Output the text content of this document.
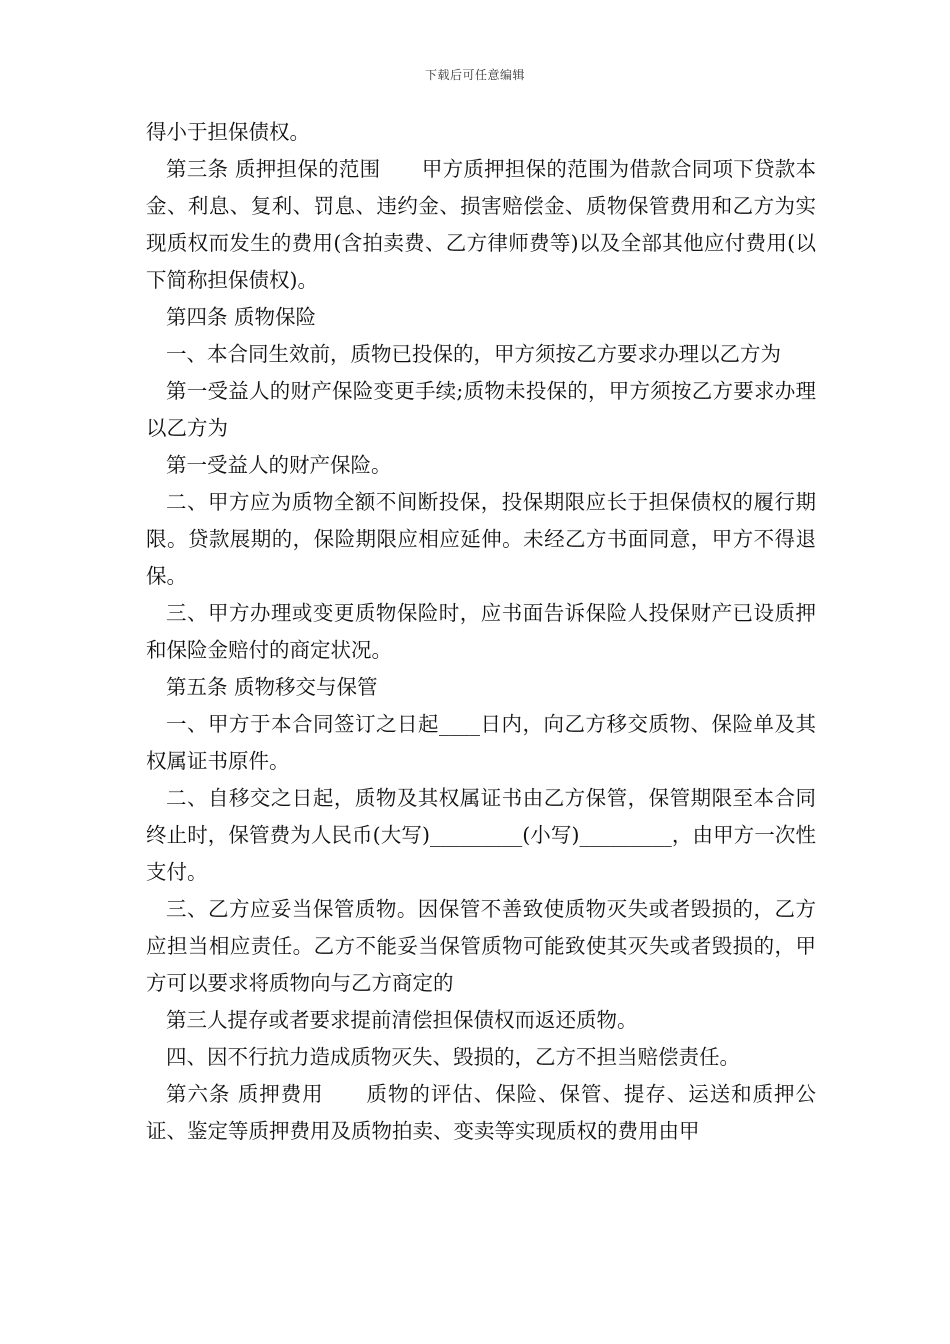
下载后可任意编辑

得小于担保债权。

第三条 质押担保的范围　　甲方质押担保的范围为借款合同项下贷款本金、利息、复利、罚息、违约金、损害赔偿金、质物保管费用和乙方为实现质权而发生的费用(含拍卖费、乙方律师费等)以及全部其他应付费用(以下简称担保债权)。

第四条 质物保险

一、本合同生效前，质物已投保的，甲方须按乙方要求办理以乙方为

第一受益人的财产保险变更手续;质物未投保的，甲方须按乙方要求办理以乙方为

第一受益人的财产保险。

二、甲方应为质物全额不间断投保，投保期限应长于担保债权的履行期限。贷款展期的，保险期限应相应延伸。未经乙方书面同意，甲方不得退保。

三、甲方办理或变更质物保险时，应书面告诉保险人投保财产已设质押和保险金赔付的商定状况。

第五条 质物移交与保管

一、甲方于本合同签订之日起____日内，向乙方移交质物、保险单及其权属证书原件。

二、自移交之日起，质物及其权属证书由乙方保管，保管期限至本合同终止时，保管费为人民币(大写)_________(小写)_________，由甲方一次性支付。

三、乙方应妥当保管质物。因保管不善致使质物灭失或者毁损的，乙方应担当相应责任。乙方不能妥当保管质物可能致使其灭失或者毁损的，甲方可以要求将质物向与乙方商定的

第三人提存或者要求提前清偿担保债权而返还质物。

四、因不行抗力造成质物灭失、毁损的，乙方不担当赔偿责任。

第六条 质押费用　　质物的评估、保险、保管、提存、运送和质押公证、鉴定等质押费用及质物拍卖、变卖等实现质权的费用由甲
